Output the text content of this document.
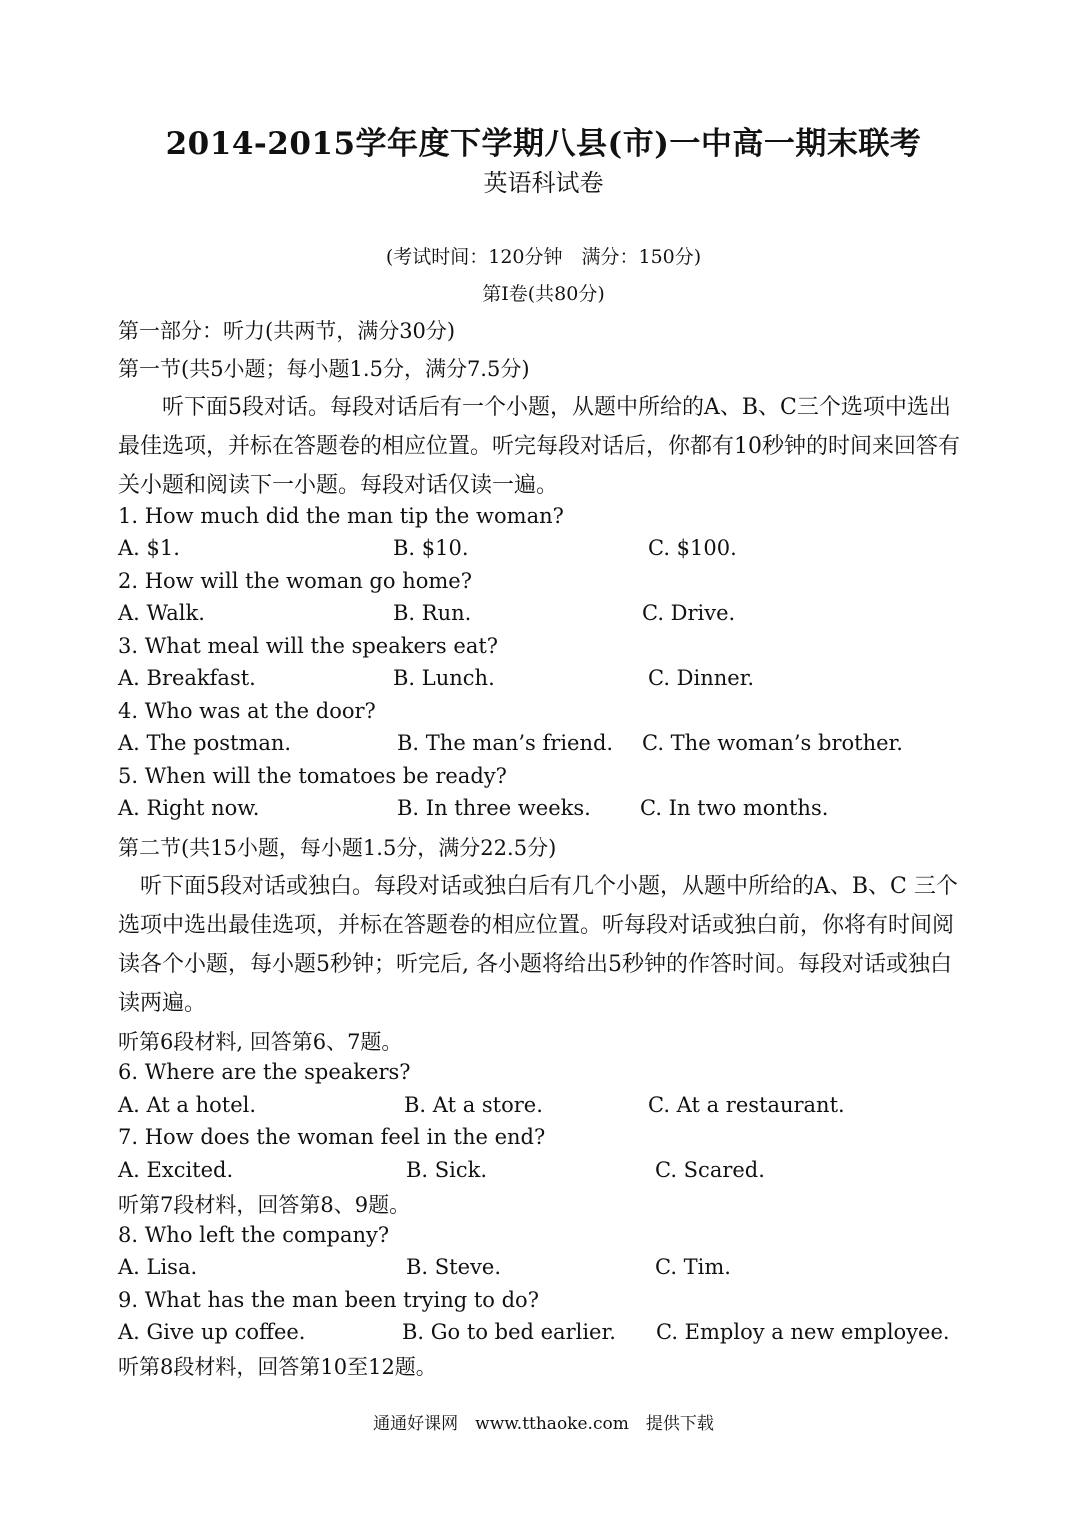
2014-2015学年度下学期八县(市)一中高一期末联考
英语科试卷
(考试时间：120分钟　满分：150分)
第I卷(共80分)
第一部分：听力(共两节，满分30分)
第一节(共5小题；每小题1.5分，满分7.5分)
听下面5段对话。每段对话后有一个小题，从题中所给的A、B、C三个选项中选出最佳选项，并标在答题卷的相应位置。听完每段对话后，你都有10秒钟的时间来回答有关小题和阅读下一小题。每段对话仅读一遍。
1. How much did the man tip the woman?
A. $1.	B. $10.	C. $100.
2. How will the woman go home?
A. Walk.	B. Run.	C. Drive.
3. What meal will the speakers eat?
A. Breakfast.	B. Lunch.	C. Dinner.
4. Who was at the door?
A. The postman.	B. The man’s friend. C. The woman’s brother.
5. When will the tomatoes be ready?
A. Right now.	B. In three weeks. C. In two months.
第二节(共15小题，每小题1.5分，满分22.5分)
听下面5段对话或独白。每段对话或独白后有几个小题，从题中所给的A、B、C 三个选项中选出最佳选项，并标在答题卷的相应位置。听每段对话或独白前，你将有时间阅读各个小题，每小题5秒钟；听完后, 各小题将给出5秒钟的作答时间。每段对话或独白读两遍。
听第6段材料, 回答第6、7题。
6. Where are the speakers?
A. At a hotel.	B. At a store.	C. At a restaurant.
7. How does the woman feel in the end?
A. Excited.	B. Sick.	C. Scared.
听第7段材料，回答第8、9题。
8. Who left the company?
A. Lisa.	B. Steve.	C. Tim.
9. What has the man been trying to do?
A. Give up coffee.	B. Go to bed earlier. C. Employ a new employee.
听第8段材料，回答第10至12题。
通通好课网　www.tthaoke.com　提供下载
